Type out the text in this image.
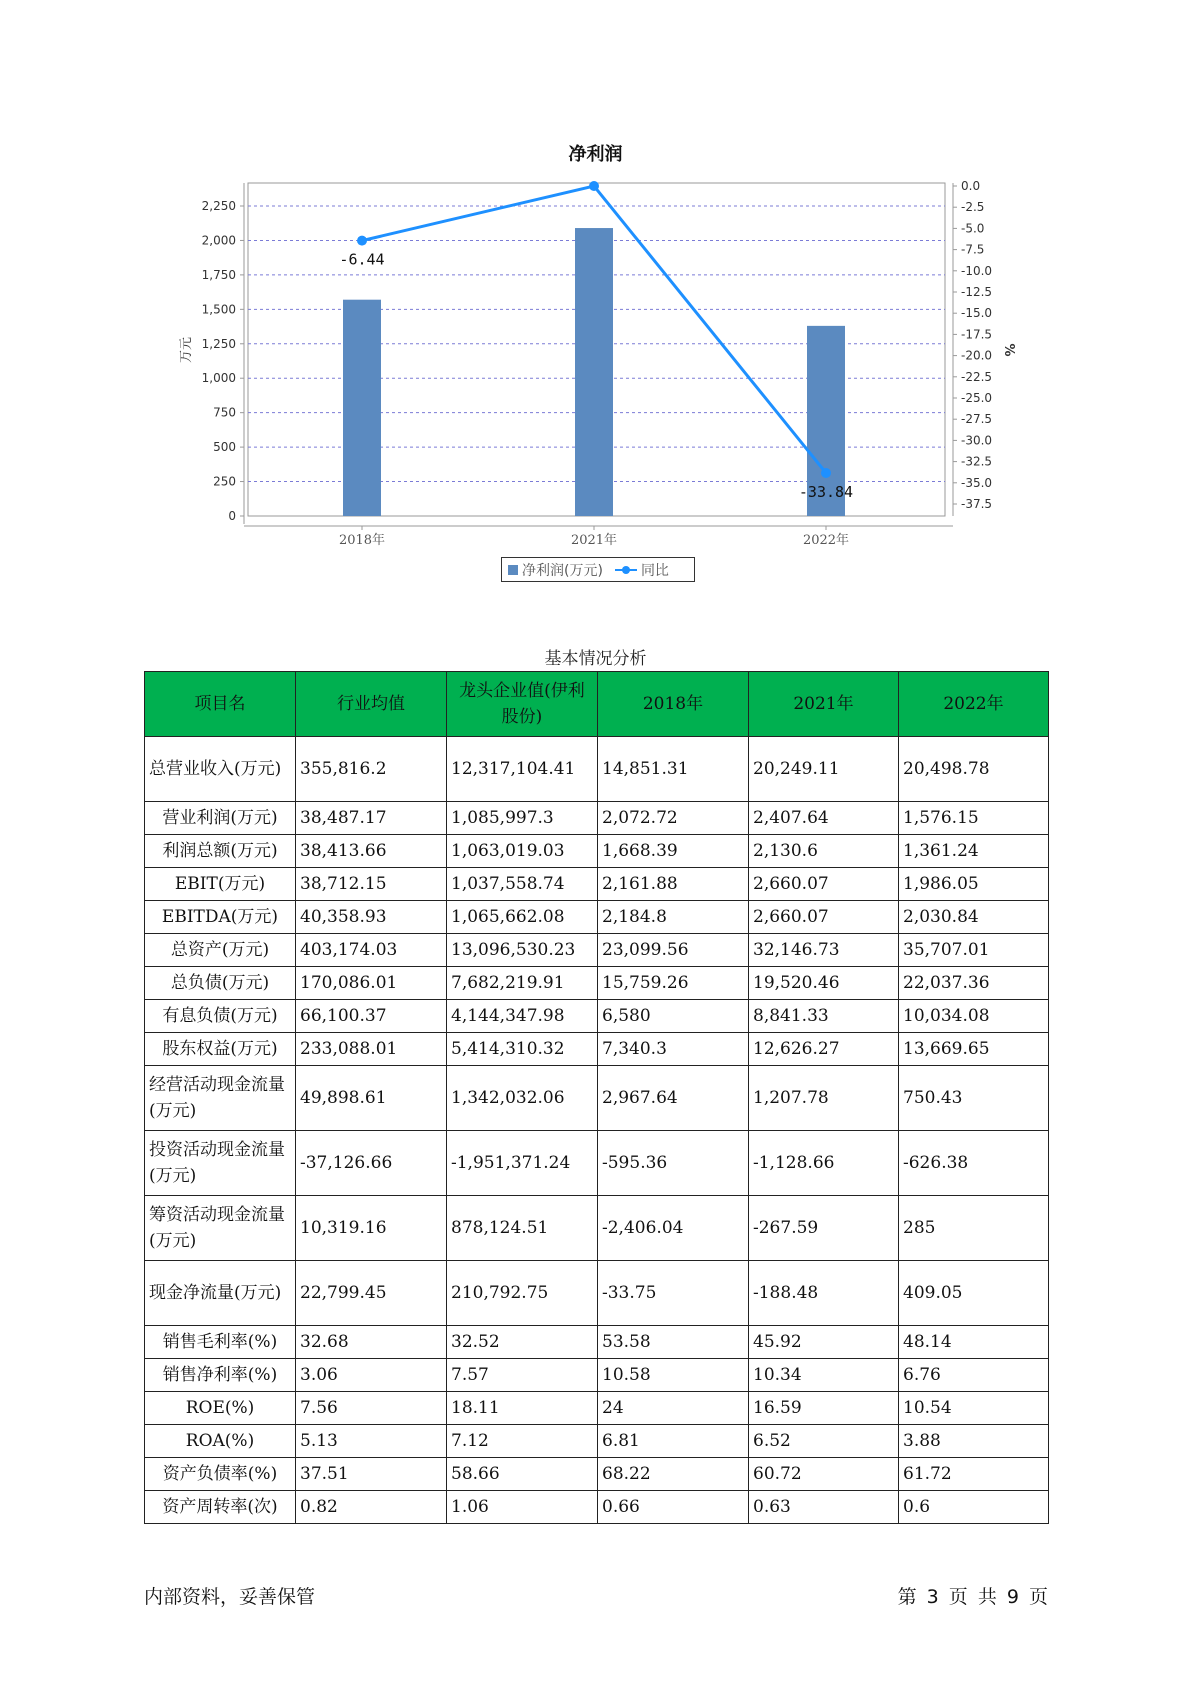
净利润
0
250
500
750
1,000
1,250
1,500
1,750
2,000
2,250
万元
0.0
-2.5
-5.0
-7.5
-10.0
-12.5
-15.0
-17.5
-20.0
-22.5
-25.0
-27.5
-30.0
-32.5
-35.0
-37.5
%
2018年	2021年	2022年
-6.44
-33.84
净利润(万元)	同比
基本情况分析
项目名	行业均值	龙头企业值(伊利股份)	2018年	2021年	2022年
总营业收入(万元)	355,816.2	12,317,104.41	14,851.31	20,249.11	20,498.78
营业利润(万元)	38,487.17	1,085,997.3	2,072.72	2,407.64	1,576.15
利润总额(万元)	38,413.66	1,063,019.03	1,668.39	2,130.6	1,361.24
EBIT(万元)	38,712.15	1,037,558.74	2,161.88	2,660.07	1,986.05
EBITDA(万元)	40,358.93	1,065,662.08	2,184.8	2,660.07	2,030.84
总资产(万元)	403,174.03	13,096,530.23	23,099.56	32,146.73	35,707.01
总负债(万元)	170,086.01	7,682,219.91	15,759.26	19,520.46	22,037.36
有息负债(万元)	66,100.37	4,144,347.98	6,580	8,841.33	10,034.08
股东权益(万元)	233,088.01	5,414,310.32	7,340.3	12,626.27	13,669.65
经营活动现金流量(万元)	49,898.61	1,342,032.06	2,967.64	1,207.78	750.43
投资活动现金流量(万元)	-37,126.66	-1,951,371.24	-595.36	-1,128.66	-626.38
筹资活动现金流量(万元)	10,319.16	878,124.51	-2,406.04	-267.59	285
现金净流量(万元)	22,799.45	210,792.75	-33.75	-188.48	409.05
销售毛利率(%)	32.68	32.52	53.58	45.92	48.14
销售净利率(%)	3.06	7.57	10.58	10.34	6.76
ROE(%)	7.56	18.11	24	16.59	10.54
ROA(%)	5.13	7.12	6.81	6.52	3.88
资产负债率(%)	37.51	58.66	68.22	60.72	61.72
资产周转率(次)	0.82	1.06	0.66	0.63	0.6
内部资料，妥善保管	第 3 页 共 9 页
